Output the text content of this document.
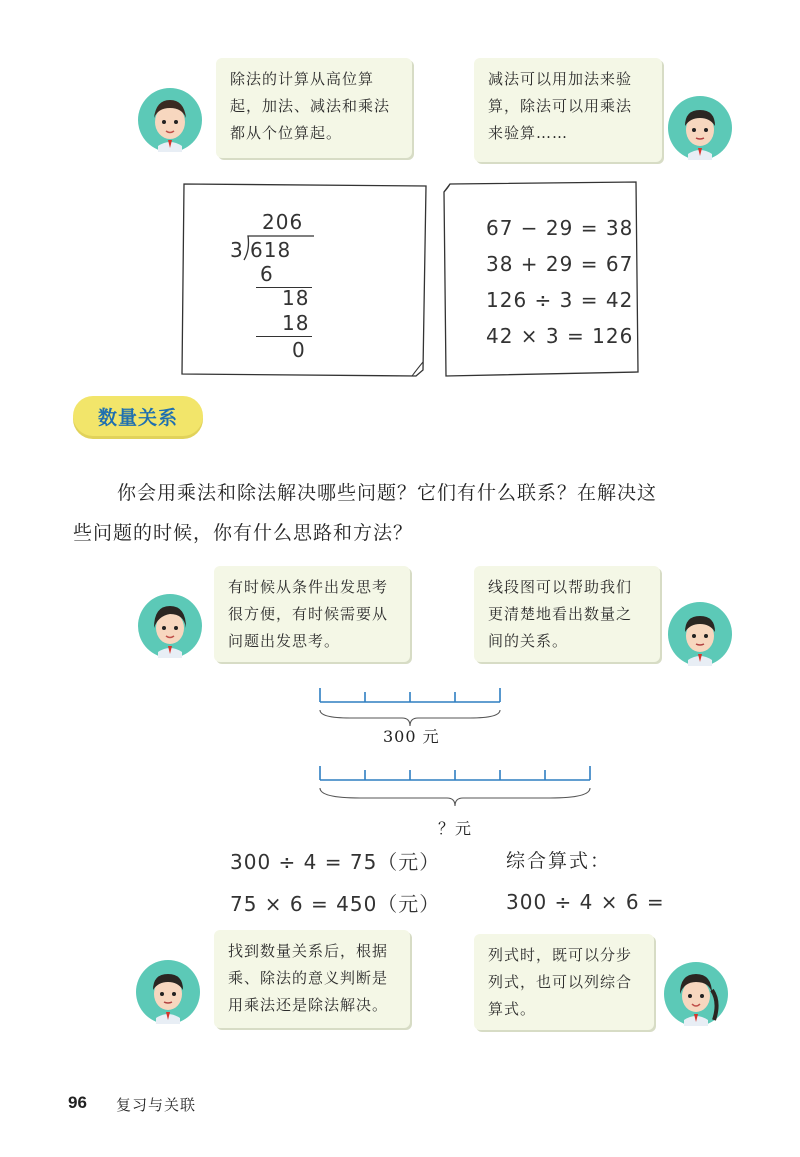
除法的计算从高位算
起，加法、减法和乘法
都从个位算起。
减法可以用加法来验
算，除法可以用乘法
来验算……
206
3 618
6
18
18
0
67 − 29 = 38
38 + 29 = 67
126 ÷ 3 = 42
42 × 3 = 126
数量关系
你会用乘法和除法解决哪些问题？它们有什么联系？在解决这
些问题的时候，你有什么思路和方法？
有时候从条件出发思考
很方便，有时候需要从
问题出发思考。
线段图可以帮助我们
更清楚地看出数量之
间的关系。
300 元
？元
300 ÷ 4 = 75（元）
75 × 6 = 450（元）
综合算式：
300 ÷ 4 × 6 =
找到数量关系后，根据
乘、除法的意义判断是
用乘法还是除法解决。
列式时，既可以分步
列式，也可以列综合
算式。
96 复习与关联
